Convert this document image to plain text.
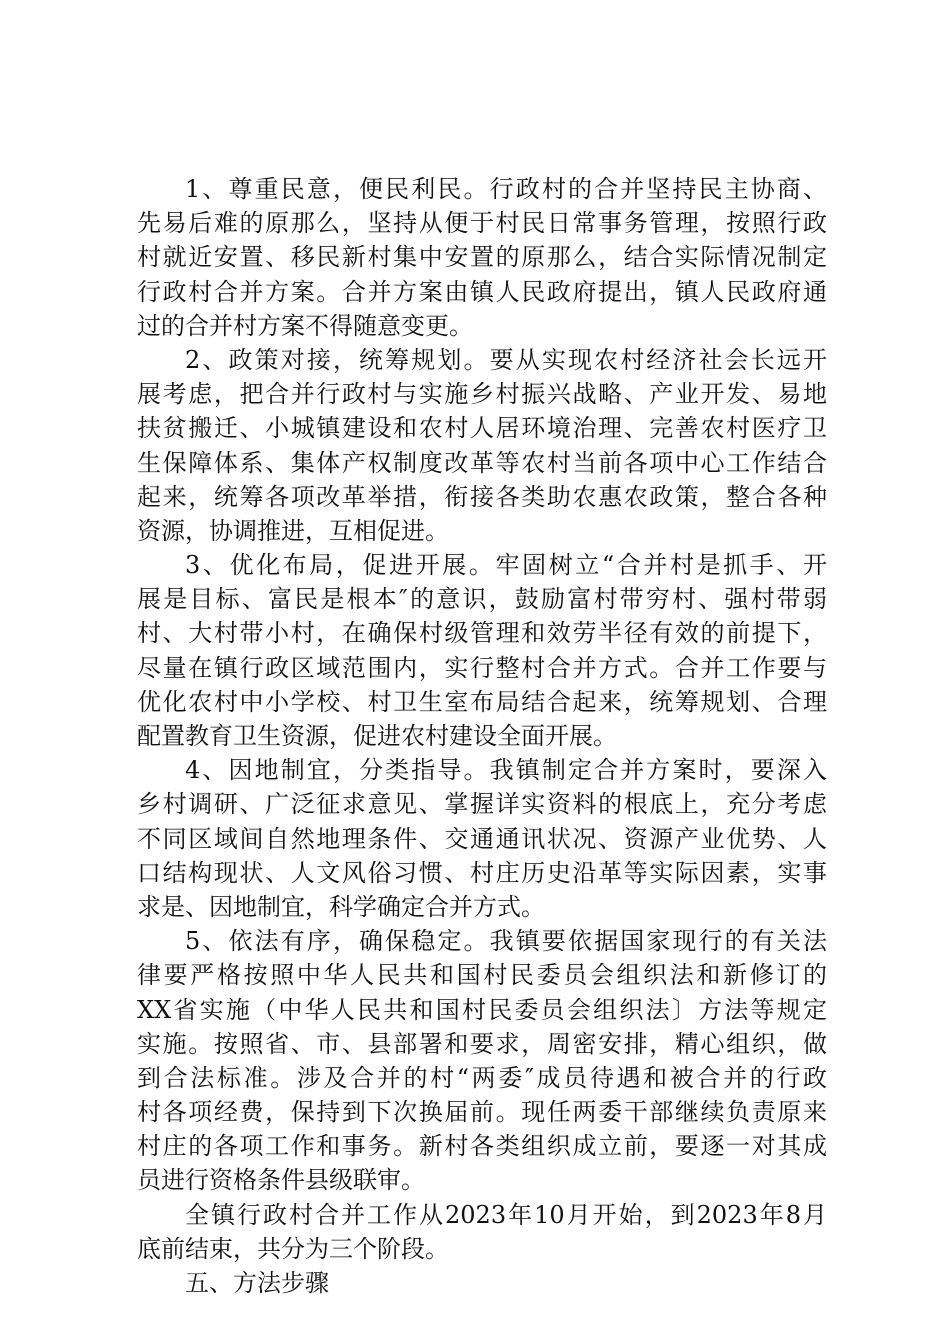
1、尊重民意，便民利民。行政村的合并坚持民主协商、
先易后难的原那么，坚持从便于村民日常事务管理，按照行政
村就近安置、移民新村集中安置的原那么，结合实际情况制定
行政村合并方案。合并方案由镇人民政府提出，镇人民政府通
过的合并村方案不得随意变更。
2、政策对接，统筹规划。要从实现农村经济社会长远开
展考虑，把合并行政村与实施乡村振兴战略、产业开发、易地
扶贫搬迁、小城镇建设和农村人居环境治理、完善农村医疗卫
生保障体系、集体产权制度改革等农村当前各项中心工作结合
起来，统筹各项改革举措，衔接各类助农惠农政策，整合各种
资源，协调推进，互相促进。
3、优化布局，促进开展。牢固树立“合并村是抓手、开
展是目标、富民是根本″的意识，鼓励富村带穷村、强村带弱
村、大村带小村，在确保村级管理和效劳半径有效的前提下，
尽量在镇行政区域范围内，实行整村合并方式。合并工作要与
优化农村中小学校、村卫生室布局结合起来，统筹规划、合理
配置教育卫生资源，促进农村建设全面开展。
4、因地制宜，分类指导。我镇制定合并方案时，要深入
乡村调研、广泛征求意见、掌握详实资料的根底上，充分考虑
不同区域间自然地理条件、交通通讯状况、资源产业优势、人
口结构现状、人文风俗习惯、村庄历史沿革等实际因素，实事
求是、因地制宜，科学确定合并方式。
5、依法有序，确保稳定。我镇要依据国家现行的有关法
律要严格按照中华人民共和国村民委员会组织法和新修订的
XX省实施（中华人民共和国村民委员会组织法〕方法等规定
实施。按照省、市、县部署和要求，周密安排，精心组织，做
到合法标准。涉及合并的村“两委″成员待遇和被合并的行政
村各项经费，保持到下次换届前。现任两委干部继续负责原来
村庄的各项工作和事务。新村各类组织成立前，要逐一对其成
员进行资格条件县级联审。
全镇行政村合并工作从2023年10月开始，到2023年8月
底前结束，共分为三个阶段。
五、方法步骤
